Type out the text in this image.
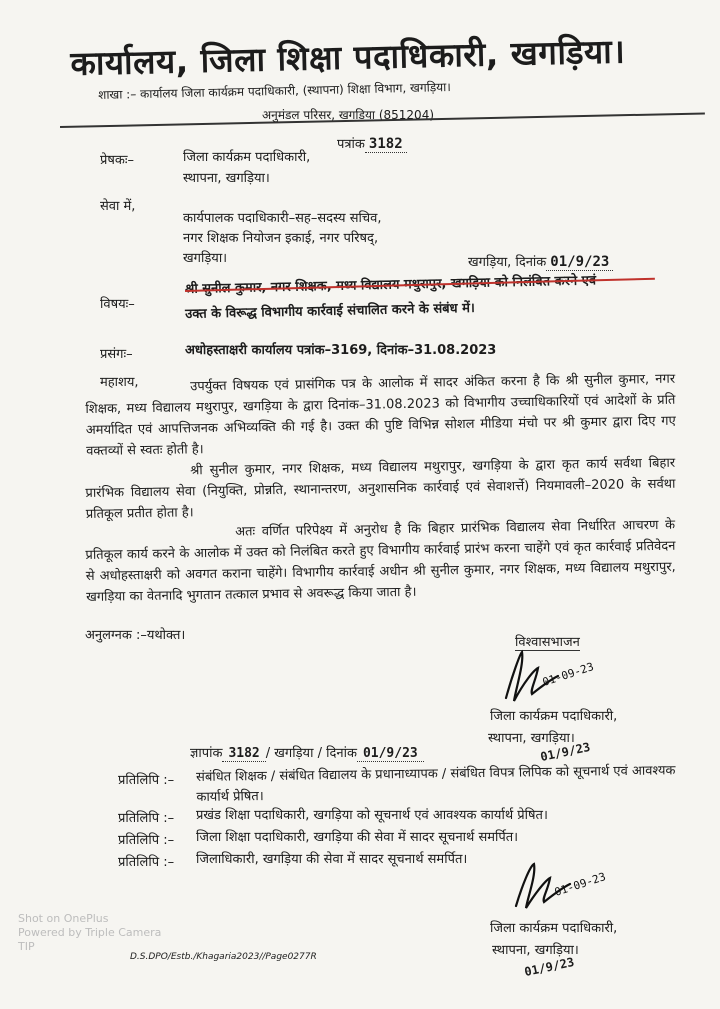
कार्यालय, जिला शिक्षा पदाधिकारी, खगड़िया।
शाखा :– कार्यालय जिला कार्यक्रम पदाधिकारी, (स्थापना) शिक्षा विभाग, खगड़िया।
अनुमंडल परिसर, खगड़िया (851204)
पत्रांक 3182
प्रेषकः–	जिला कार्यक्रम पदाधिकारी,
स्थापना, खगड़िया।
सेवा में,
कार्यपालक पदाधिकारी–सह–सदस्य सचिव,
नगर शिक्षक नियोजन इकाई, नगर परिषद्,
खगड़िया।	खगड़िया, दिनांक 01/9/23
विषयः–
श्री सुनील कुमार, नगर शिक्षक, मध्य विद्यालय मथुरापुर, खगड़िया को निलंबित करने एवं
उक्त के विरूद्ध विभागीय कार्रवाई संचालित करने के संबंध में।
प्रसंगः–	अधोहस्ताक्षरी कार्यालय पत्रांक–3169, दिनांक–31.08.2023
महाशय,	उपर्युक्त विषयक एवं प्रासंगिक पत्र के आलोक में सादर अंकित करना है कि श्री सुनील कुमार, नगर शिक्षक, मध्य विद्यालय मथुरापुर, खगड़िया के द्वारा दिनांक–31.08.2023 को विभागीय उच्चाधिकारियों एवं आदेशों के प्रति अमर्यादित एवं आपत्तिजनक अभिव्यक्ति की गई है। उक्त की पुष्टि विभिन्न सोशल मीडिया मंचो पर श्री कुमार द्वारा दिए गए वक्तव्यों से स्वतः होती है।
श्री सुनील कुमार, नगर शिक्षक, मध्य विद्यालय मथुरापुर, खगड़िया के द्वारा कृत कार्य सर्वथा बिहार प्रारंभिक विद्यालय सेवा (नियुक्ति, प्रोन्नति, स्थानान्तरण, अनुशासनिक कार्रवाई एवं सेवाशर्त्ते) नियमावली–2020 के सर्वथा प्रतिकूल प्रतीत होता है।
अतः वर्णित परिपेक्ष्य में अनुरोध है कि बिहार प्रारंभिक विद्यालय सेवा निर्धारित आचरण के प्रतिकूल कार्य करने के आलोक में उक्त को निलंबित करते हुए विभागीय कार्रवाई प्रारंभ करना चाहेंगे एवं कृत कार्रवाई प्रतिवेदन से अधोहस्ताक्षरी को अवगत कराना चाहेंगे। विभागीय कार्रवाई अधीन श्री सुनील कुमार, नगर शिक्षक, मध्य विद्यालय मथुरापुर, खगड़िया का वेतनादि भुगतान तत्काल प्रभाव से अवरूद्ध किया जाता है।
अनुलग्नक :–यथोक्त।	विश्वासभाजन
01-09-23
जिला कार्यक्रम पदाधिकारी,
स्थापना, खगड़िया।
01/9/23
ज्ञापांक 3182 / खगड़िया / दिनांक 01/9/23
प्रतिलिपि :– संबंधित शिक्षक / संबंधित विद्यालय के प्रधानाध्यापक / संबंधित विपत्र लिपिक को सूचनार्थ एवं आवश्यक कार्यार्थ प्रेषित।
प्रतिलिपि :– प्रखंड शिक्षा पदाधिकारी, खगड़िया को सूचनार्थ एवं आवश्यक कार्यार्थ प्रेषित।
प्रतिलिपि :– जिला शिक्षा पदाधिकारी, खगड़िया की सेवा में सादर सूचनार्थ समर्पित।
प्रतिलिपि :– जिलाधिकारी, खगड़िया की सेवा में सादर सूचनार्थ समर्पित।
01-09-23
जिला कार्यक्रम पदाधिकारी,
स्थापना, खगड़िया।
01/9/23
D.S.DPO/Estb./Khagaria2023//Page0277R
Shot on OnePlus
Powered by Triple Camera
TIP
